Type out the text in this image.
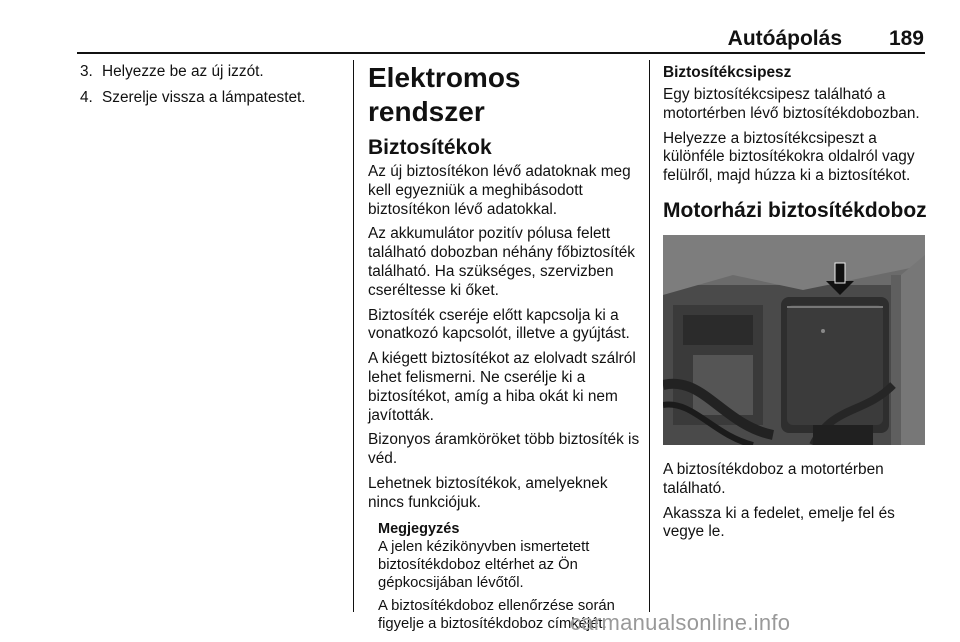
Autóápolás 189
3. Helyezze be az új izzót.
4. Szerelje vissza a lámpatestet.
Elektromos rendszer
Biztosítékok

Az új biztosítékon lévő adatoknak meg kell egyezniük a meghibásodott biztosítékon lévő adatokkal.

Az akkumulátor pozitív pólusa felett található dobozban néhány főbiztosíték található. Ha szükséges, szervizben cseréltesse ki őket.

Biztosíték cseréje előtt kapcsolja ki a vonatkozó kapcsolót, illetve a gyújtást.

A kiégett biztosítékot az elolvadt szálról lehet felismerni. Ne cserélje ki a biztosítékot, amíg a hiba okát ki nem javították.

Bizonyos áramköröket több biztosíték is véd.

Lehetnek biztosítékok, amelyeknek nincs funkciójuk.

Megjegyzés

A jelen kézikönyvben ismertetett biztosítékdoboz eltérhet az Ön gépkocsijában lévőtől.

A biztosítékdoboz ellenőrzése során figyelje a biztosítékdoboz címkéjét.

Biztosítékcsipesz

Egy biztosítékcsipesz található a motortérben lévő biztosítékdobozban.

Helyezze a biztosítékcsipeszt a különféle biztosítékokra oldalról vagy felülről, majd húzza ki a biztosítékot.

Motorházi biztosítékdoboz

A biztosítékdoboz a motortérben található.

Akassza ki a fedelet, emelje fel és vegye le.

carmanualsonline.info
